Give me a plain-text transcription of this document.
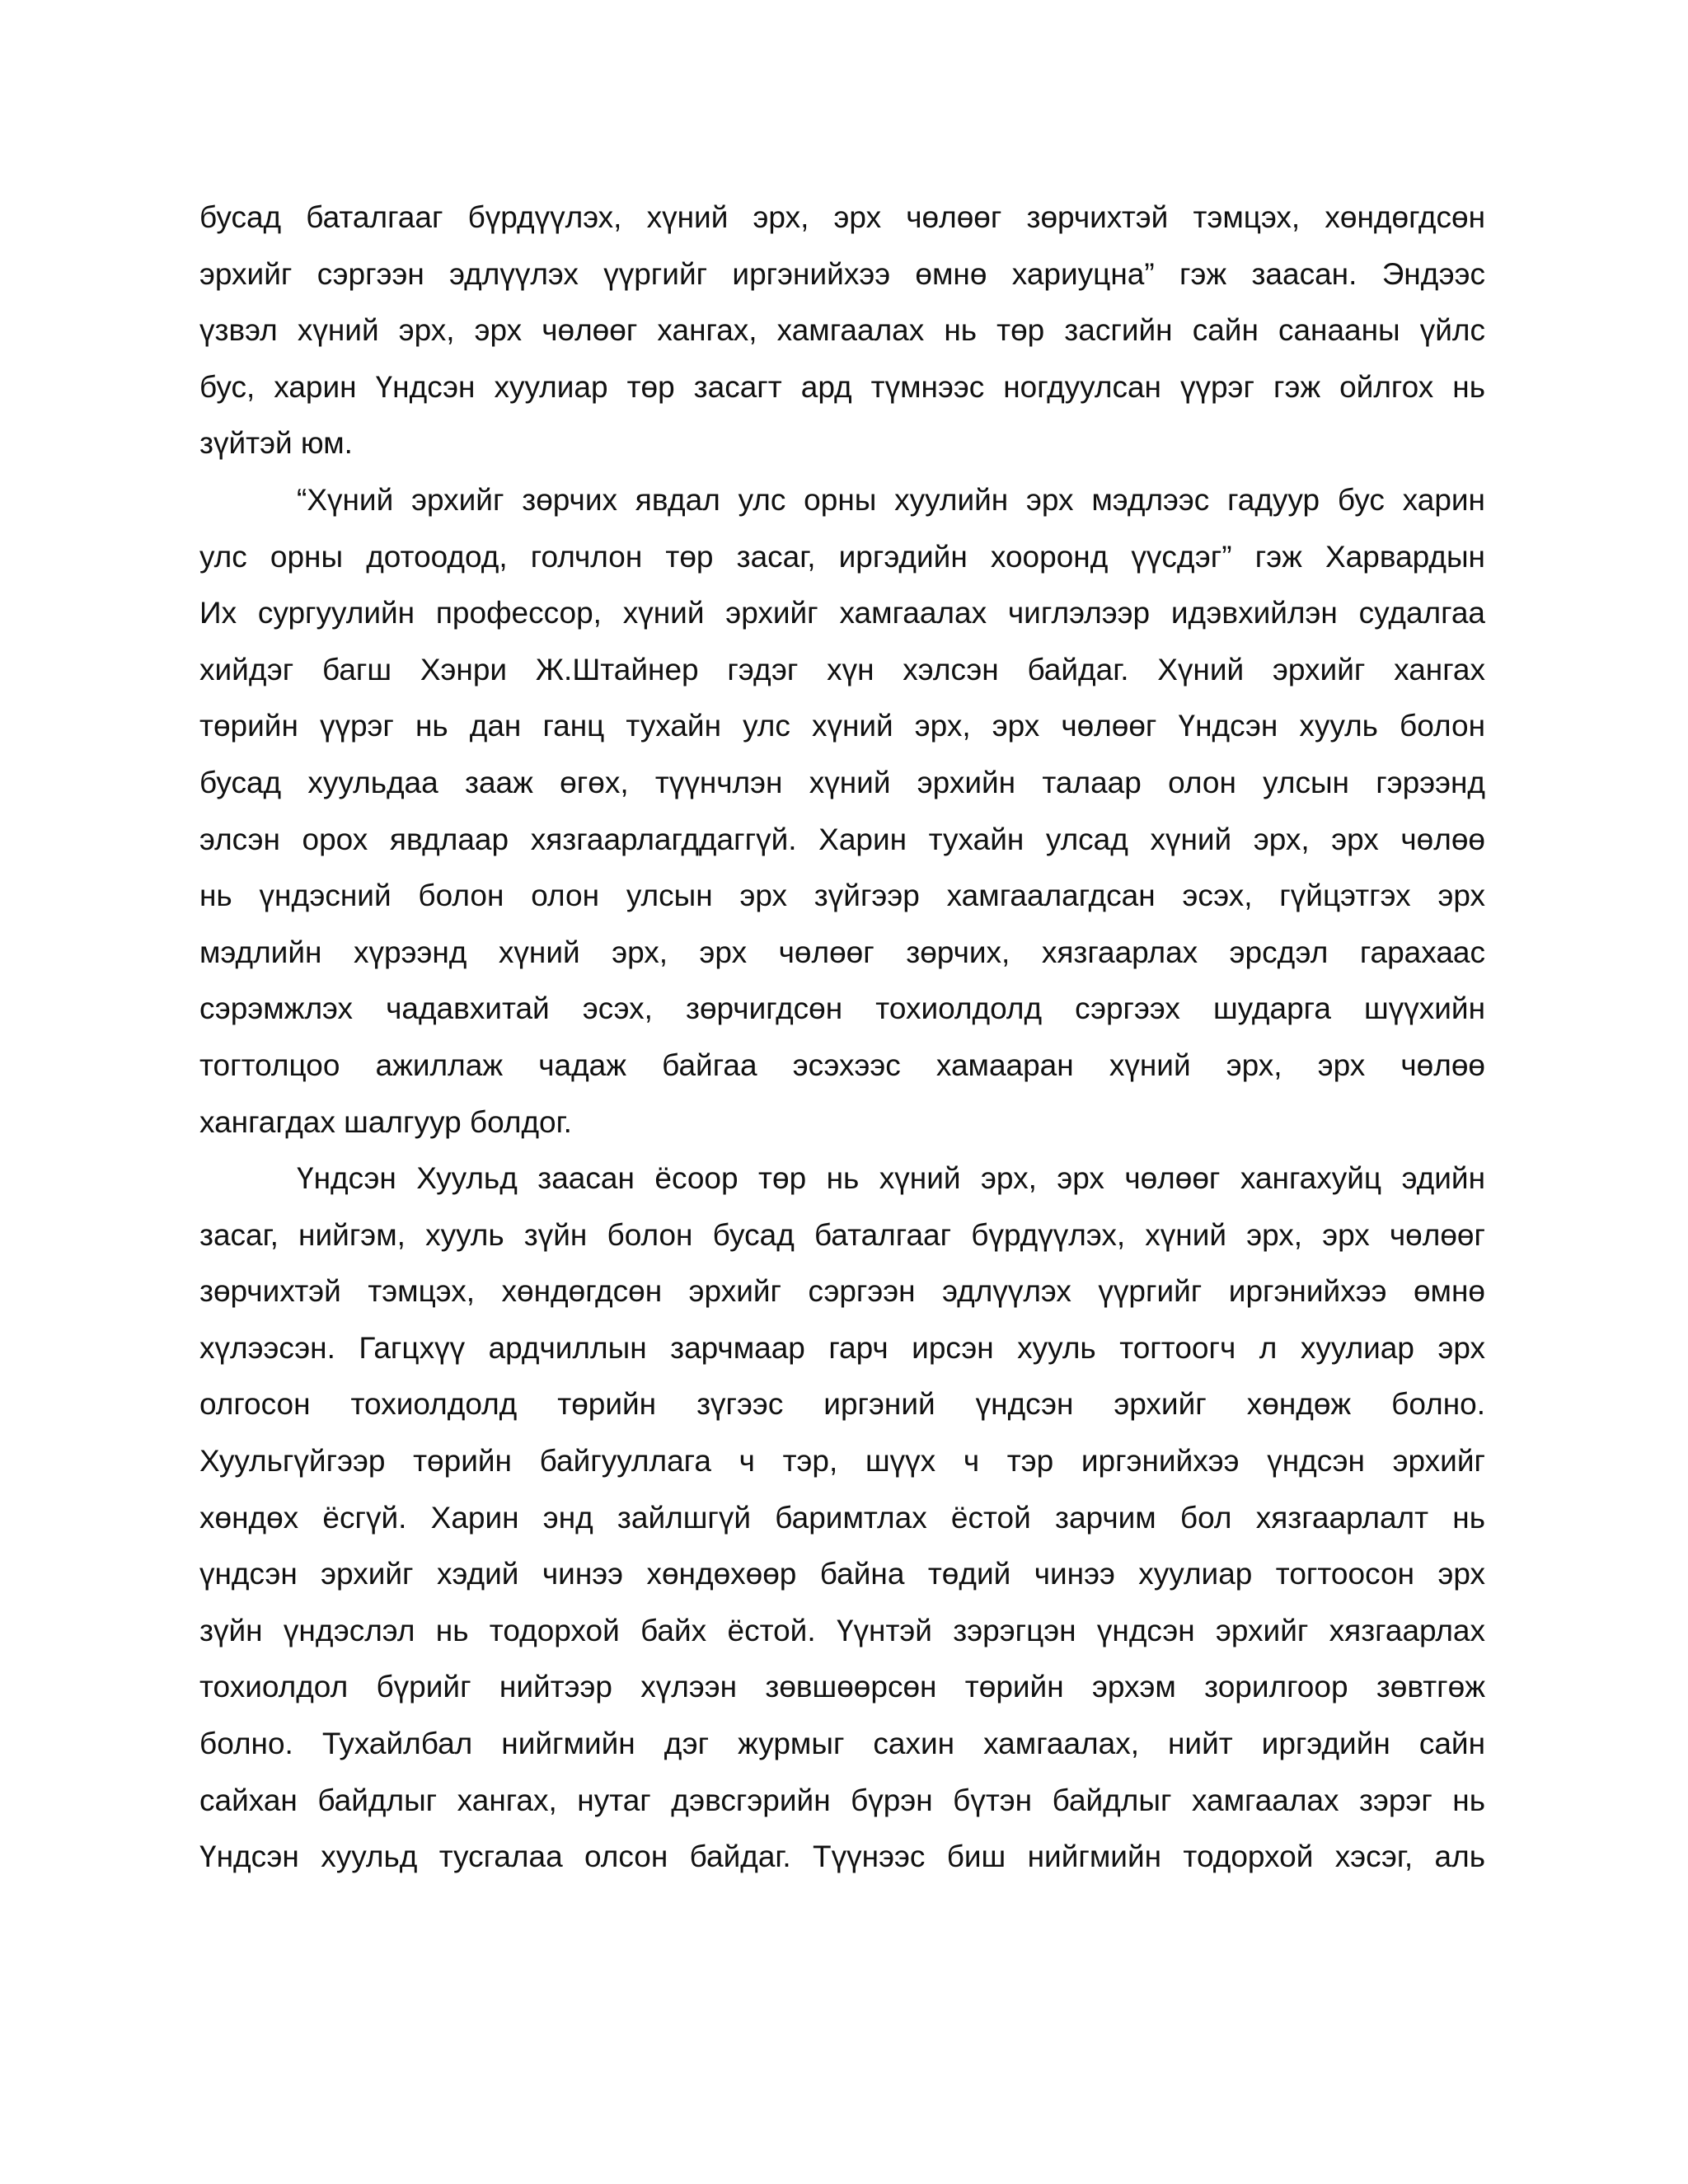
бусад баталгааг бүрдүүлэх, хүний эрх, эрх чөлөөг зөрчихтэй тэмцэх, хөндөгдсөн
эрхийг сэргээн эдлүүлэх үүргийг иргэнийхээ өмнө хариуцна” гэж заасан. Эндээс
үзвэл хүний эрх, эрх чөлөөг хангах, хамгаалах нь төр засгийн сайн санааны үйлс
бус, харин Үндсэн хуулиар төр засагт ард түмнээс ногдуулсан үүрэг гэж ойлгох нь
зүйтэй юм.
“Хүний эрхийг зөрчих явдал улс орны хуулийн эрх мэдлээс гадуур бус харин
улс орны дотоодод, голчлон төр засаг, иргэдийн хооронд үүсдэг” гэж Харвардын
Их сургуулийн профессор, хүний эрхийг хамгаалах чиглэлээр идэвхийлэн судалгаа
хийдэг багш Хэнри Ж.Штайнер гэдэг хүн хэлсэн байдаг. Хүний эрхийг хангах
төрийн үүрэг нь дан ганц тухайн улс хүний эрх, эрх чөлөөг Үндсэн хууль болон
бусад хуульдаа зааж өгөх, түүнчлэн хүний эрхийн талаар олон улсын гэрээнд
элсэн орох явдлаар хязгаарлагддаггүй. Харин тухайн улсад хүний эрх, эрх чөлөө
нь үндэсний болон олон улсын эрх зүйгээр хамгаалагдсан эсэх, гүйцэтгэх эрх
мэдлийн хүрээнд хүний эрх, эрх чөлөөг зөрчих, хязгаарлах эрсдэл гарахаас
сэрэмжлэх чадавхитай эсэх, зөрчигдсөн тохиолдолд сэргээх шударга шүүхийн
тогтолцоо ажиллаж чадаж байгаа эсэхээс хамааран хүний эрх, эрх чөлөө
хангагдах шалгуур болдог.
Үндсэн Хуульд заасан ёсоор төр нь хүний эрх, эрх чөлөөг хангахуйц эдийн
засаг, нийгэм, хууль зүйн болон бусад баталгааг бүрдүүлэх, хүний эрх, эрх чөлөөг
зөрчихтэй тэмцэх, хөндөгдсөн эрхийг сэргээн эдлүүлэх үүргийг иргэнийхээ өмнө
хүлээсэн. Гагцхүү ардчиллын зарчмаар гарч ирсэн хууль тогтоогч л хуулиар эрх
олгосон тохиолдолд төрийн зүгээс иргэний үндсэн эрхийг хөндөж болно.
Хуульгүйгээр төрийн байгууллага ч тэр, шүүх ч тэр иргэнийхээ үндсэн эрхийг
хөндөх ёсгүй. Харин энд зайлшгүй баримтлах ёстой зарчим бол хязгаарлалт нь
үндсэн эрхийг хэдий чинээ хөндөхөөр байна төдий чинээ хуулиар тогтоосон эрх
зүйн үндэслэл нь тодорхой байх ёстой. Үүнтэй зэрэгцэн үндсэн эрхийг хязгаарлах
тохиолдол бүрийг нийтээр хүлээн зөвшөөрсөн төрийн эрхэм зорилгоор зөвтгөж
болно. Тухайлбал нийгмийн дэг журмыг сахин хамгаалах, нийт иргэдийн сайн
сайхан байдлыг хангах, нутаг дэвсгэрийн бүрэн бүтэн байдлыг хамгаалах зэрэг нь
Үндсэн хуульд тусгалаа олсон байдаг. Түүнээс биш нийгмийн тодорхой хэсэг, аль
